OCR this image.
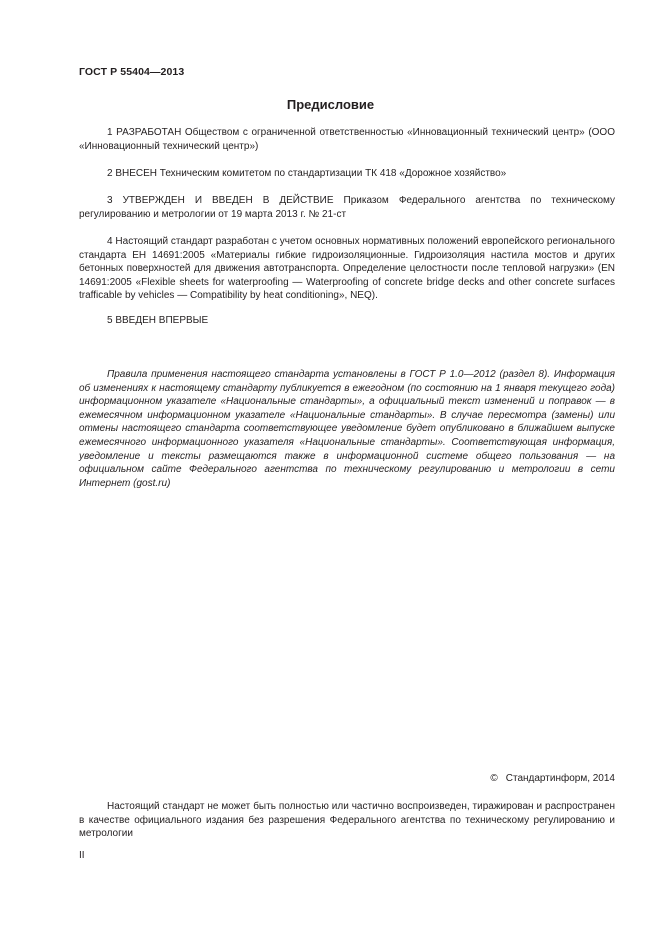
ГОСТ Р 55404—2013
Предисловие

1 РАЗРАБОТАН Обществом с ограниченной ответственностью «Инновационный технический центр» (ООО «Инновационный технический центр»)

2 ВНЕСЕН Техническим комитетом по стандартизации ТК 418 «Дорожное хозяйство»

3 УТВЕРЖДЕН И ВВЕДЕН В ДЕЙСТВИЕ Приказом Федерального агентства по техническому регулированию и метрологии от 19 марта 2013 г. № 21-ст

4 Настоящий стандарт разработан с учетом основных нормативных положений европейского регионального стандарта ЕН 14691:2005 «Материалы гибкие гидроизоляционные. Гидроизоляция настила мостов и других бетонных поверхностей для движения автотранспорта. Определение целостности после тепловой нагрузки» (EN 14691:2005 «Flexible sheets for waterproofing — Waterproofing of concrete bridge decks and other concrete surfaces trafficable by vehicles — Compatibility by heat conditioning», NEQ).

5 ВВЕДЕН ВПЕРВЫЕ

Правила применения настоящего стандарта установлены в ГОСТ Р 1.0—2012 (раздел 8). Информация об изменениях к настоящему стандарту публикуется в ежегодном (по состоянию на 1 января текущего года) информационном указателе «Национальные стандарты», а официальный текст изменений и поправок — в ежемесячном информационном указателе «Национальные стандарты». В случае пересмотра (замены) или отмены настоящего стандарта соответствующее уведомление будет опубликовано в ближайшем выпуске ежемесячного информационного указателя «Национальные стандарты». Соответствующая информация, уведомление и тексты размещаются также в информационной системе общего пользования — на официальном сайте Федерального агентства по техническому регулированию и метрологии в сети Интернет (gost.ru)

© Стандартинформ, 2014

Настоящий стандарт не может быть полностью или частично воспроизведен, тиражирован и распространен в качестве официального издания без разрешения Федерального агентства по техническому регулированию и метрологии

II
